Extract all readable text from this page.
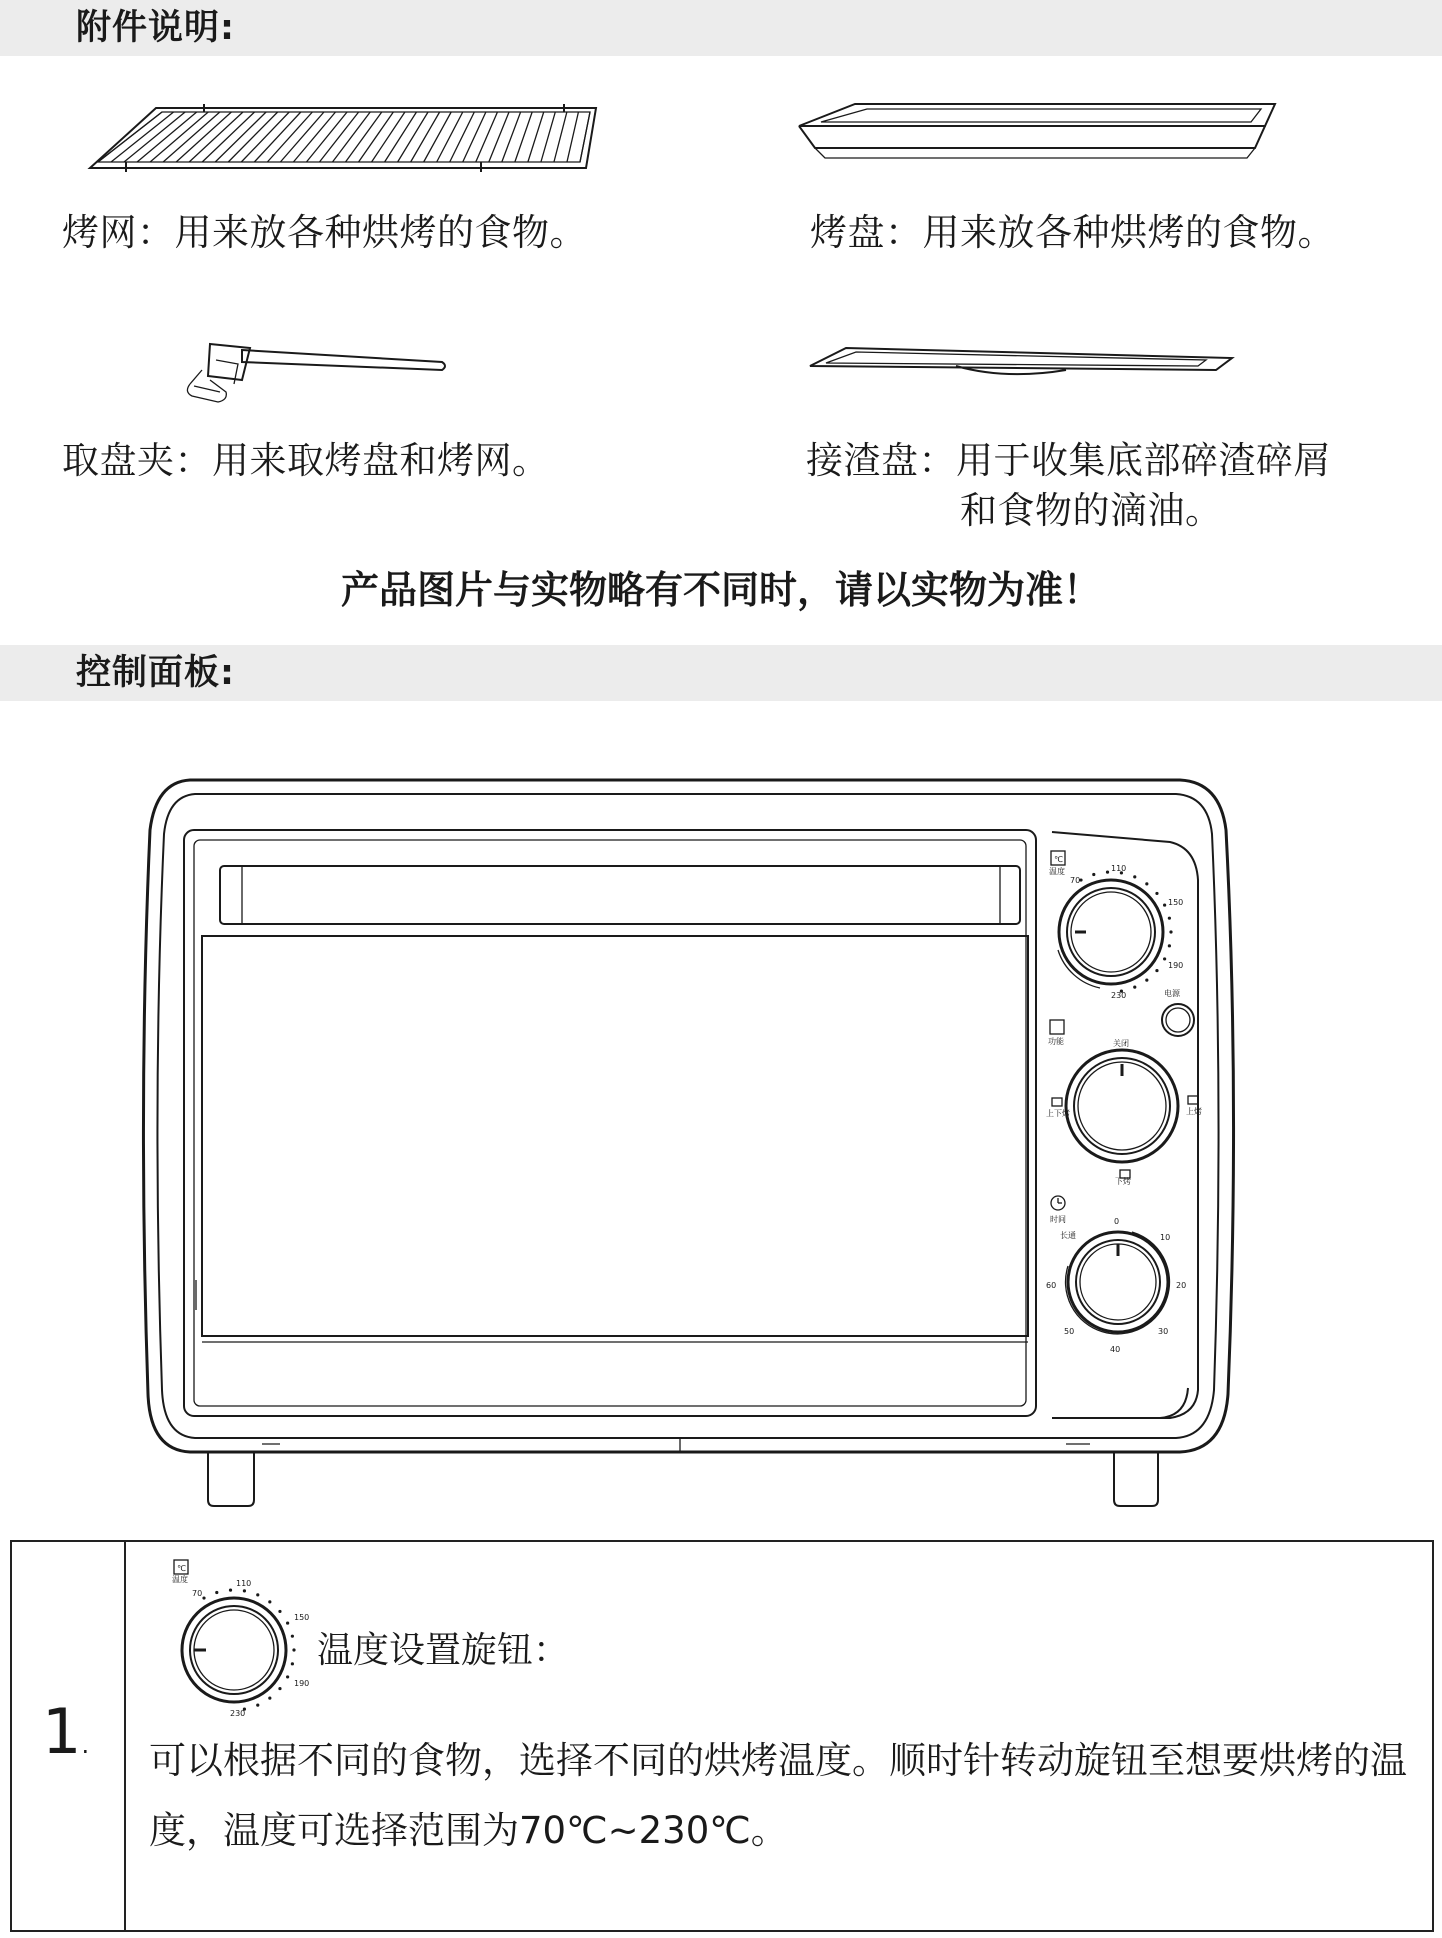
附件说明:
烤网：用来放各种烘烤的食物。	烤盘：用来放各种烘烤的食物。
取盘夹：用来取烤盘和烤网。	接渣盘：用于收集底部碎渣碎屑
和食物的滴油。
产品图片与实物略有不同时，请以实物为准！
控制面板:
℃
温度
70
110
150
190
230	电源
功能	关闭
上下烤	上烤
下烤
时间
长通
0
10
20
30
40
50
60
1.
℃
温度
70
110
150
190
230
温度设置旋钮：
可以根据不同的食物，选择不同的烘烤温度。顺时针转动旋钮至想要烘烤的温度，温度可选择范围为70℃~230℃。
